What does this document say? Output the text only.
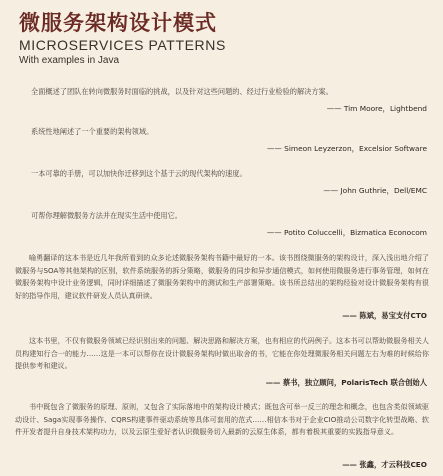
微服务架构设计模式
MICROSERVICES PATTERNS
With examples in Java
全面概述了团队在转向微服务时面临的挑战，以及针对这些问题的、经过行业检验的解决方案。
—— Tim Moore，Lightbend
系统性地阐述了一个重要的架构领域。
—— Simeon Leyzerzon，Excelsior Software
一本可靠的手册，可以加快你迁移到这个基于云的现代架构的速度。
—— John Guthrie，Dell/EMC
可帮你理解微服务方法并在现实生活中使用它。
—— Potito Coluccelli，Bizmatica Econocom
喻勇翻译的这本书是近几年我所看到的众多论述微服务架构书籍中最好的一本。该书围绕微服务的架构设计，深入浅出地介绍了微服务与SOA等其他架构的区别，软件系统服务的拆分策略，微服务的同步和异步通信模式，如何使用微服务进行事务管理，如何在微服务架构中设计业务逻辑，同时详细描述了微服务架构中的测试和生产部署策略。该书所总结出的架构经验对设计微服务架构有很好的指导作用，建议软件研发人员认真研读。
—— 陈斌，易宝支付CTO
这本书里，不仅有微服务领域已经识别出来的问题、解决思路和解决方案，也有相应的代码例子。这本书可以帮助微服务相关人员构建知行合一的能力……这是一本可以帮你在设计微服务架构时做出取舍的书，它能在你处理微服务相关问题左右为难的时候给你提供参考和建议。
—— 蔡书，独立顾问，PolarisTech 联合创始人
书中既包含了微服务的原理、原则，又包含了实际落地中的架构设计模式；既包含可举一反三的理念和概念，也包含类似领域驱动设计、Saga实现事务操作、CQRS构建事件驱动系统等具体可套用的范式……相信本书对于企业CIO推动公司数字化转型战略、软件开发者提升自身技术架构功力，以及云原生爱好者认识微服务切入最新的云原生体系，都有着极其重要的实践指导意义。
—— 张鑫，才云科技CEO
